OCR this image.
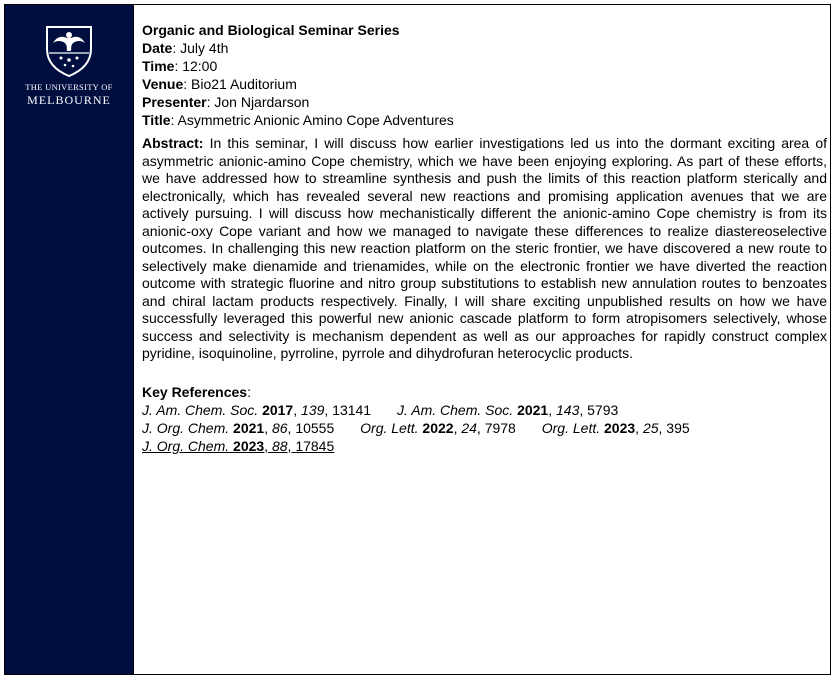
THE UNIVERSITY OF
MELBOURNE
Organic and Biological Seminar Series
Date: July 4th
Time: 12:00
Venue: Bio21 Auditorium
Presenter: Jon Njardarson
Title: Asymmetric Anionic Amino Cope Adventures
Abstract: In this seminar, I will discuss how earlier investigations led us into the dormant exciting area of asymmetric anionic-amino Cope chemistry, which we have been enjoying exploring. As part of these efforts, we have addressed how to streamline synthesis and push the limits of this reaction platform sterically and electronically, which has revealed several new reactions and promising application avenues that we are actively pursuing. I will discuss how mechanistically different the anionic-amino Cope chemistry is from its anionic-oxy Cope variant and how we managed to navigate these differences to realize diastereoselective outcomes. In challenging this new reaction platform on the steric frontier, we have discovered a new route to selectively make dienamide and trienamides, while on the electronic frontier we have diverted the reaction outcome with strategic fluorine and nitro group substitutions to establish new annulation routes to benzoates and chiral lactam products respectively. Finally, I will share exciting unpublished results on how we have successfully leveraged this powerful new anionic cascade platform to form atropisomers selectively, whose success and selectivity is mechanism dependent as well as our approaches for rapidly construct complex pyridine, isoquinoline, pyrroline, pyrrole and dihydrofuran heterocyclic products.
Key References:
J. Am. Chem. Soc. 2017, 139, 13141 J. Am. Chem. Soc. 2021, 143, 5793
J. Org. Chem. 2021, 86, 10555 Org. Lett. 2022, 24, 7978 Org. Lett. 2023, 25, 395
J. Org. Chem. 2023, 88, 17845
